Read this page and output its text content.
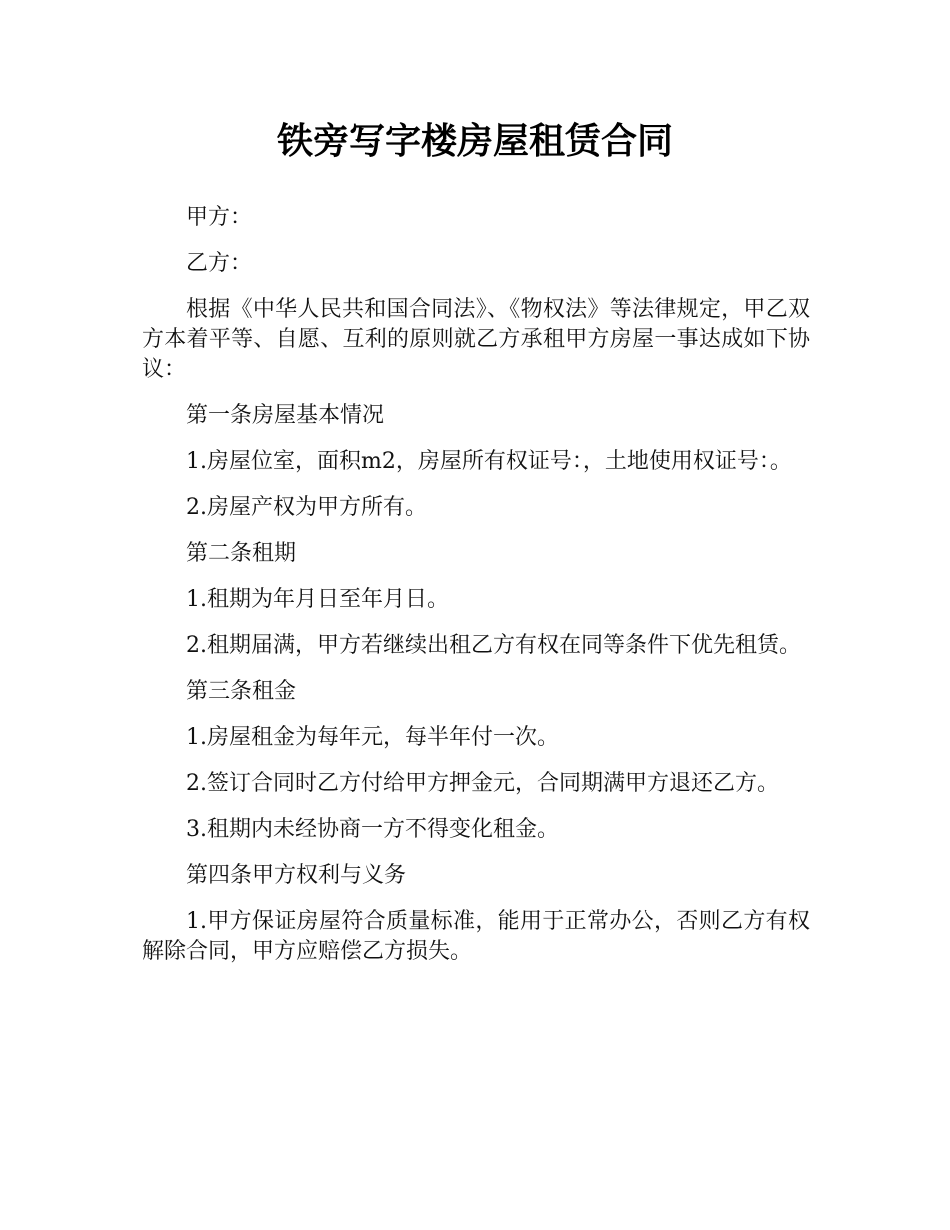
铁旁写字楼房屋租赁合同

甲方：

乙方：

根据《中华人民共和国合同法》、《物权法》等法律规定，甲乙双方本着平等、自愿、互利的原则就乙方承租甲方房屋一事达成如下协议：

第一条房屋基本情况

1.房屋位室，面积m2，房屋所有权证号：，土地使用权证号：。

2.房屋产权为甲方所有。

第二条租期

1.租期为年月日至年月日。

2.租期届满，甲方若继续出租乙方有权在同等条件下优先租赁。

第三条租金

1.房屋租金为每年元，每半年付一次。

2.签订合同时乙方付给甲方押金元，合同期满甲方退还乙方。

3.租期内未经协商一方不得变化租金。

第四条甲方权利与义务

1.甲方保证房屋符合质量标准，能用于正常办公，否则乙方有权解除合同，甲方应赔偿乙方损失。
